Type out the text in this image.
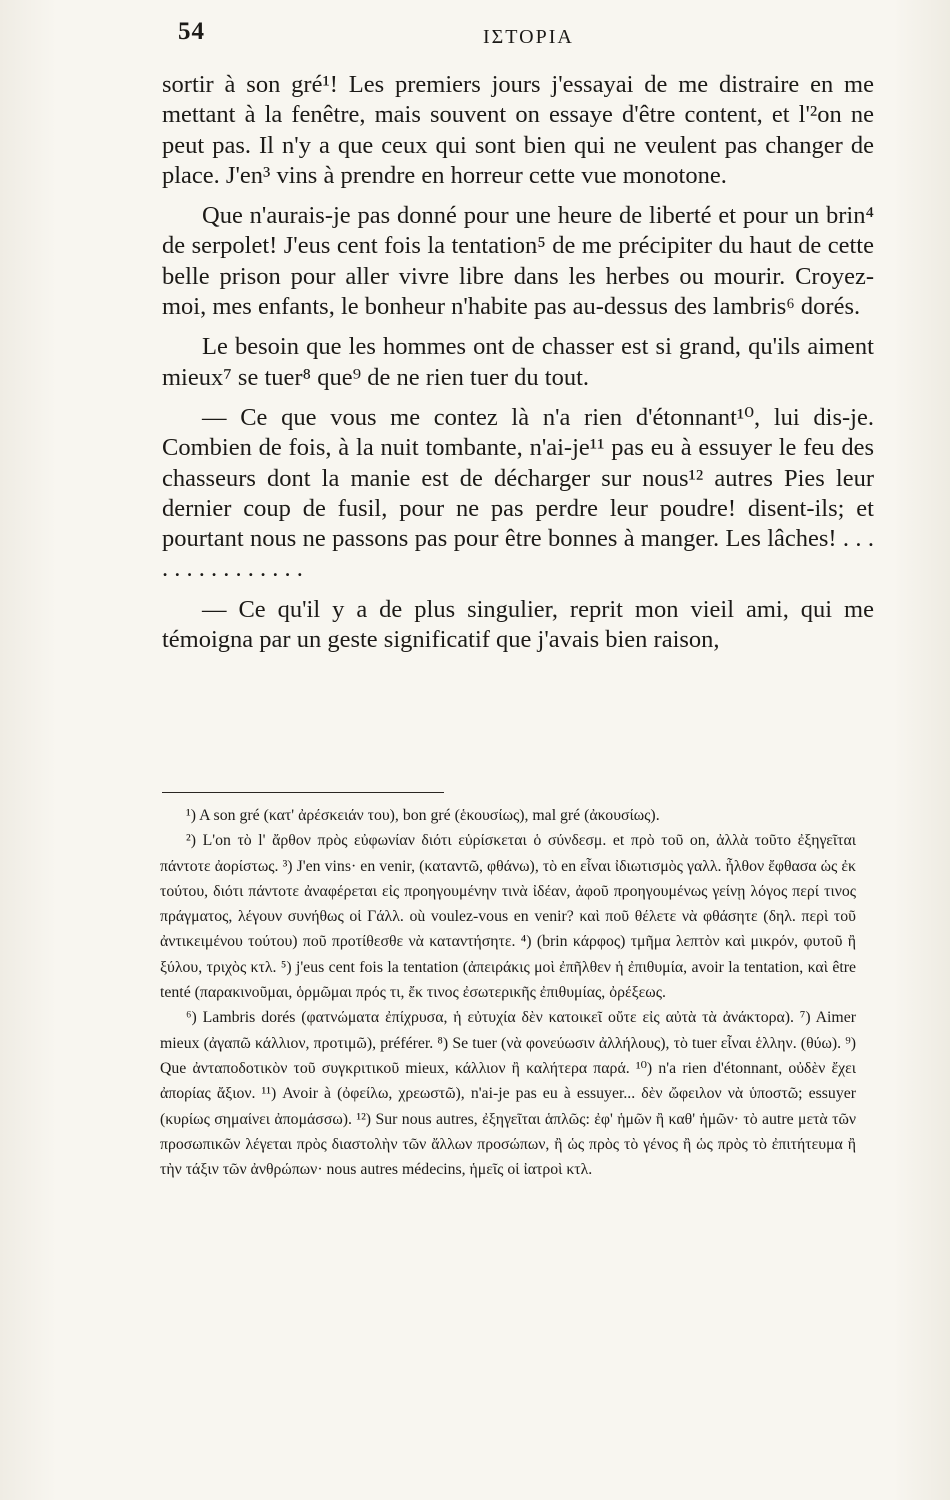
54	ΙΣΤΟΡΙΑ

sortir à son gré¹! Les premiers jours j'essayai de me distraire en me mettant à la fenêtre, mais souvent on essaye d'être content, et l'²on ne peut pas. Il n'y a que ceux qui sont bien qui ne veulent pas changer de place. J'en³ vins à prendre en horreur cette vue monotone.

Que n'aurais-je pas donné pour une heure de liberté et pour un brin⁴ de serpolet! J'eus cent fois la tentation⁵ de me précipiter du haut de cette belle prison pour aller vivre libre dans les herbes ou mourir. Croyez-moi, mes enfants, le bonheur n'habite pas au-dessus des lambris⁶ dorés.

Le besoin que les hommes ont de chasser est si grand, qu'ils aiment mieux⁷ se tuer⁸ que⁹ de ne rien tuer du tout.

— Ce que vous me contez là n'a rien d'étonnant¹⁰, lui dis-je. Combien de fois, à la nuit tombante, n'ai-je¹¹ pas eu à essuyer le feu des chasseurs dont la manie est de décharger sur nous¹² autres Pies leur dernier coup de fusil, pour ne pas perdre leur poudre! disent-ils; et pourtant nous ne passons pas pour être bonnes à manger. Les lâches! . . . . . . . . . . . . . . .

— Ce qu'il y a de plus singulier, reprit mon vieil ami, qui me témoigna par un geste significatif que j'avais bien raison,

¹) A son gré (κατ' ἀρέσκειάν του), bon gré (ἑκουσίως), mal gré (ἀκουσίως).

²) L'on τὸ l' ἄρθον πρὸς εὐφωνίαν διότι εὑρίσκεται ὁ σύνδεσμ. et πρὸ τοῦ on, ἀλλὰ τοῦτο ἐξηγεῖται πάντοτε ἀορίστως. ³) J'en vins· en venir, (καταντῶ, φθάνω), τὸ en εἶναι ἰδιωτισμὸς γαλλ. ἦλθον ἔφθασα ὡς ἐκ τούτου, διότι πάντοτε ἀναφέρεται εἰς προηγουμένην τινὰ ἰδέαν, ἀφοῦ προηγουμένως γείνῃ λόγος περί τινος πράγματος, λέγουν συνήθως οἱ Γάλλ. où voulez-vous en venir? καὶ ποῦ θέλετε νὰ φθάσητε (δηλ. περὶ τοῦ ἀντικειμένου τούτου) ποῦ προτίθεσθε νὰ καταντήσητε. ⁴) (brin κάρφος) τμῆμα λεπτὸν καὶ μικρόν, φυτοῦ ἢ ξύλου, τριχὸς κτλ. ⁵) j'eus cent fois la tentation (ἀπειράκις μοὶ ἐπῆλθεν ἡ ἐπιθυμία, avoir la tentation, καὶ être tenté (παρακινοῦμαι, ὁρμῶμαι πρός τι, ἔκ τινος ἐσωτερικῆς ἐπιθυμίας, ὀρέξεως.

⁶) Lambris dorés (φατνώματα ἐπίχρυσα, ἡ εὐτυχία δὲν κατοικεῖ οὔτε εἰς αὐτὰ τὰ ἀνάκτορα). ⁷) Aimer mieux (ἀγαπῶ κάλλιον, προτιμῶ), préférer. ⁸) Se tuer (νὰ φονεύωσιν ἀλλήλους), τὸ tuer εἶναι ἑλλην. (θύω). ⁹) Que ἀνταποδοτικὸν τοῦ συγκριτικοῦ mieux, κάλλιον ἢ καλήτερα παρά. ¹⁰) n'a rien d'étonnant, οὐδὲν ἔχει ἀπορίας ἄξιον. ¹¹) Avoir à (ὀφείλω, χρεωστῶ), n'ai-je pas eu à essuyer... δὲν ὤφειλον νὰ ὑποστῶ; essuyer (κυρίως σημαίνει ἀπομάσσω). ¹²) Sur nous autres, ἐξηγεῖται ἁπλῶς: ἐφ' ἡμῶν ἢ καθ' ἡμῶν· τὸ autre μετὰ τῶν προσωπικῶν λέγεται πρὸς διαστολὴν τῶν ἄλλων προσώπων, ἢ ὡς πρὸς τὸ γένος ἢ ὡς πρὸς τὸ ἐπιτήτευμα ἢ τὴν τάξιν τῶν ἀνθρώπων· nous autres médecins, ἡμεῖς οἱ ἰατροὶ κτλ.
